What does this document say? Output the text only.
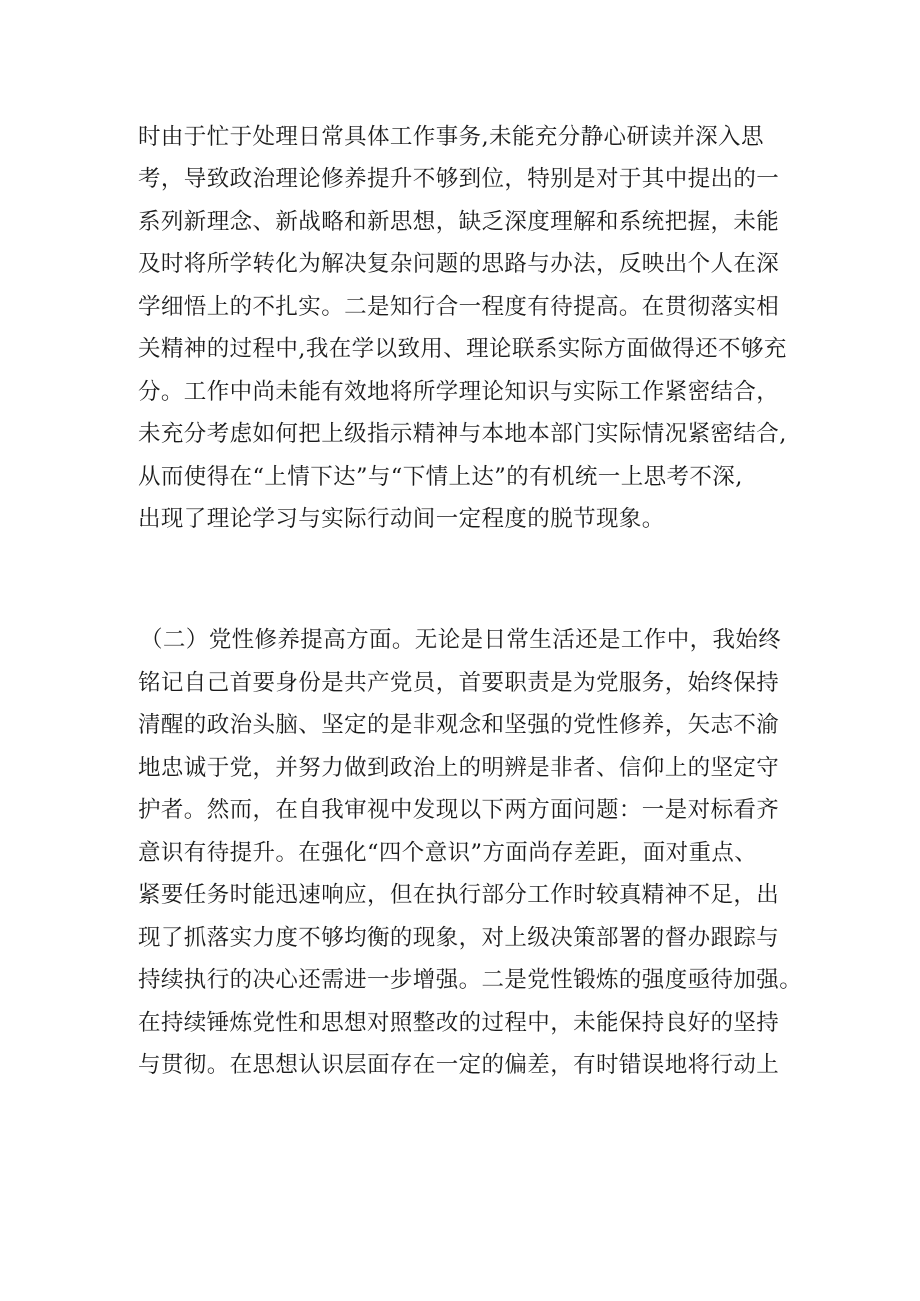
时由于忙于处理日常具体工作事务,未能充分静心研读并深入思

考，导致政治理论修养提升不够到位，特别是对于其中提出的一

系列新理念、新战略和新思想，缺乏深度理解和系统把握，未能

及时将所学转化为解决复杂问题的思路与办法，反映出个人在深

学细悟上的不扎实。二是知行合一程度有待提高。在贯彻落实相

关精神的过程中,我在学以致用、理论联系实际方面做得还不够充

分。工作中尚未能有效地将所学理论知识与实际工作紧密结合，

未充分考虑如何把上级指示精神与本地本部门实际情况紧密结合,

从而使得在“上情下达”与“下情上达”的有机统一上思考不深,

出现了理论学习与实际行动间一定程度的脱节现象。

（二）党性修养提高方面。无论是日常生活还是工作中，我始终

铭记自己首要身份是共产党员，首要职责是为党服务，始终保持

清醒的政治头脑、坚定的是非观念和坚强的党性修养，矢志不渝

地忠诚于党，并努力做到政治上的明辨是非者、信仰上的坚定守

护者。然而，在自我审视中发现以下两方面问题：一是对标看齐

意识有待提升。在强化“四个意识”方面尚存差距，面对重点、

紧要任务时能迅速响应，但在执行部分工作时较真精神不足，出

现了抓落实力度不够均衡的现象，对上级决策部署的督办跟踪与

持续执行的决心还需进一步增强。二是党性锻炼的强度亟待加强。

在持续锤炼党性和思想对照整改的过程中，未能保持良好的坚持

与贯彻。在思想认识层面存在一定的偏差，有时错误地将行动上
